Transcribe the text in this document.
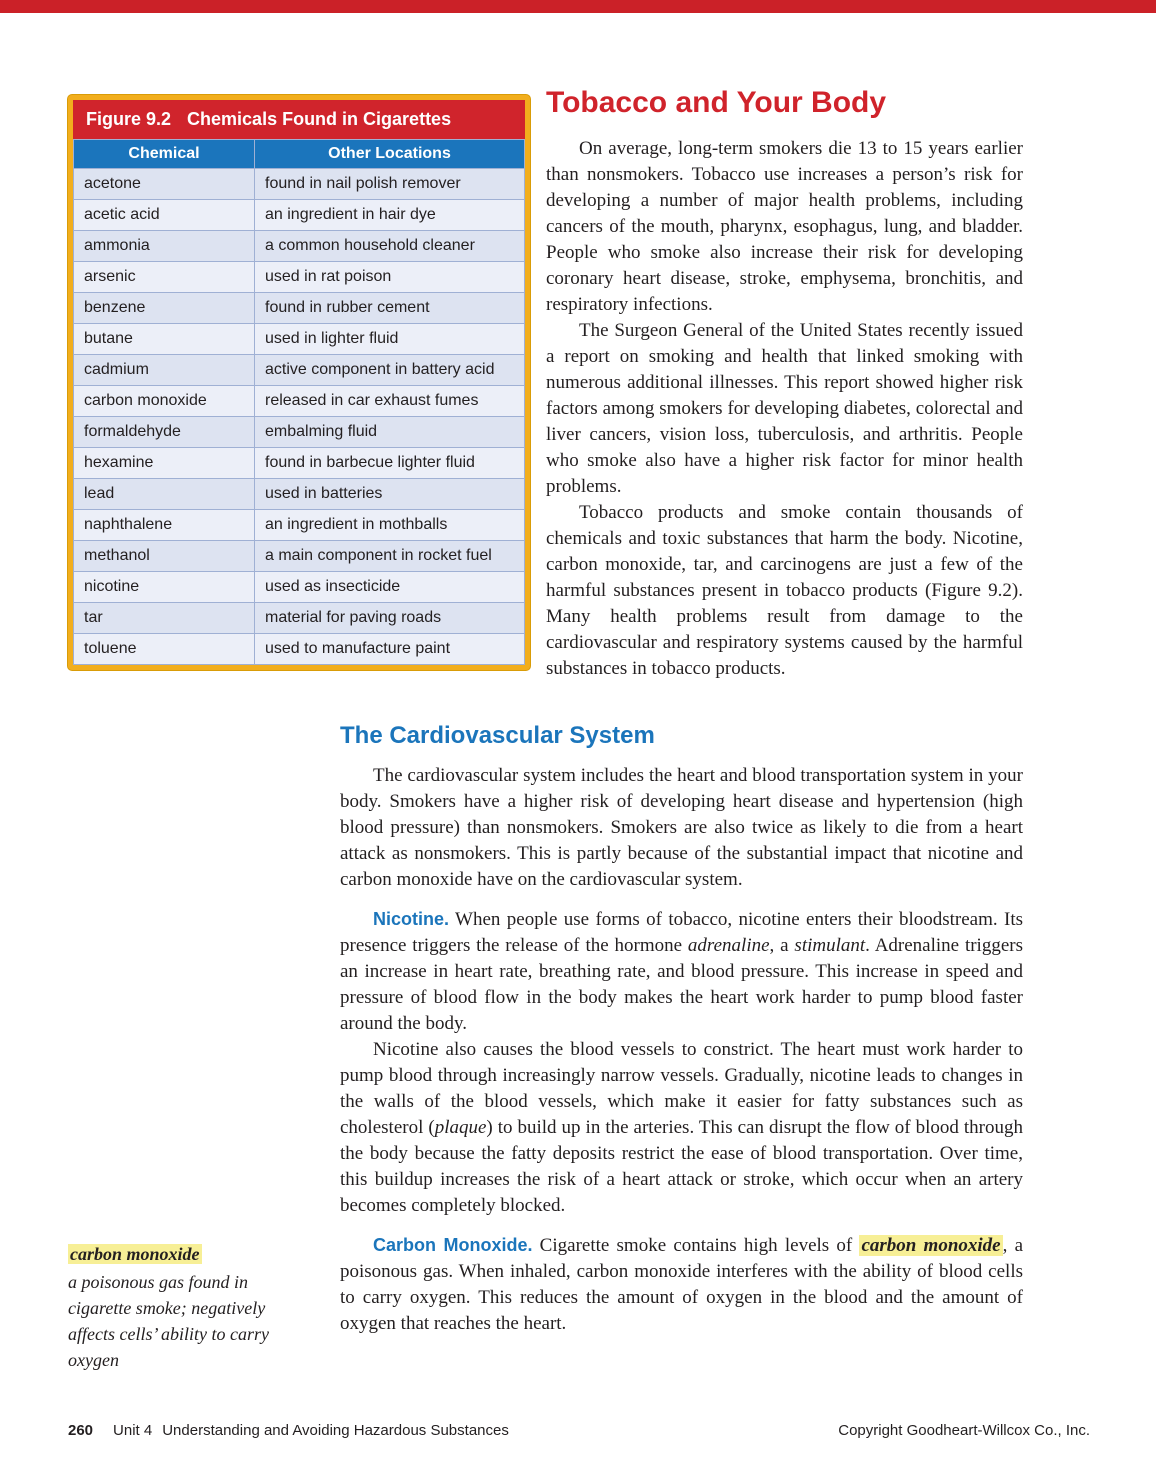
Figure 9.2 Chemicals Found in Cigarettes
Chemical	Other Locations
acetone	found in nail polish remover
acetic acid	an ingredient in hair dye
ammonia	a common household cleaner
arsenic	used in rat poison
benzene	found in rubber cement
butane	used in lighter fluid
cadmium	active component in battery acid
carbon monoxide	released in car exhaust fumes
formaldehyde	embalming fluid
hexamine	found in barbecue lighter fluid
lead	used in batteries
naphthalene	an ingredient in mothballs
methanol	a main component in rocket fuel
nicotine	used as insecticide
tar	material for paving roads
toluene	used to manufacture paint
Tobacco and Your Body

On average, long-term smokers die 13 to 15 years earlier than nonsmokers. Tobacco use increases a person’s risk for developing a number of major health problems, including cancers of the mouth, pharynx, esophagus, lung, and bladder. People who smoke also increase their risk for developing coronary heart disease, stroke, emphysema, bronchitis, and respiratory infections.

The Surgeon General of the United States recently issued a report on smoking and health that linked smoking with numerous additional illnesses. This report showed higher risk factors among smokers for developing diabetes, colorectal and liver cancers, vision loss, tuberculosis, and arthritis. People who smoke also have a higher risk factor for minor health problems.

Tobacco products and smoke contain thousands of chemicals and toxic substances that harm the body. Nicotine, carbon monoxide, tar, and carcinogens are just a few of the harmful substances present in tobacco products (Figure 9.2). Many health problems result from damage to the cardiovascular and respiratory systems caused by the harmful substances in tobacco products.

The Cardiovascular System

The cardiovascular system includes the heart and blood transportation system in your body. Smokers have a higher risk of developing heart disease and hypertension (high blood pressure) than nonsmokers. Smokers are also twice as likely to die from a heart attack as nonsmokers. This is partly because of the substantial impact that nicotine and carbon monoxide have on the cardiovascular system.

Nicotine. When people use forms of tobacco, nicotine enters their bloodstream. Its presence triggers the release of the hormone adrenaline, a stimulant. Adrenaline triggers an increase in heart rate, breathing rate, and blood pressure. This increase in speed and pressure of blood flow in the body makes the heart work harder to pump blood faster around the body.

Nicotine also causes the blood vessels to constrict. The heart must work harder to pump blood through increasingly narrow vessels. Gradually, nicotine leads to changes in the walls of the blood vessels, which make it easier for fatty substances such as cholesterol (plaque) to build up in the arteries. This can disrupt the flow of blood through the body because the fatty deposits restrict the ease of blood transportation. Over time, this buildup increases the risk of a heart attack or stroke, which occur when an artery becomes completely blocked.

Carbon Monoxide. Cigarette smoke contains high levels of carbon monoxide , a poisonous gas. When inhaled, carbon monoxide interferes with the ability of blood cells to carry oxygen. This reduces the amount of oxygen in the blood and the amount of oxygen that reaches the heart.

carbon monoxide
a poisonous gas found in cigarette smoke; negatively affects cells’ ability to carry oxygen
260 Unit 4 Understanding and Avoiding Hazardous Substances	Copyright Goodheart-Willcox Co., Inc.
